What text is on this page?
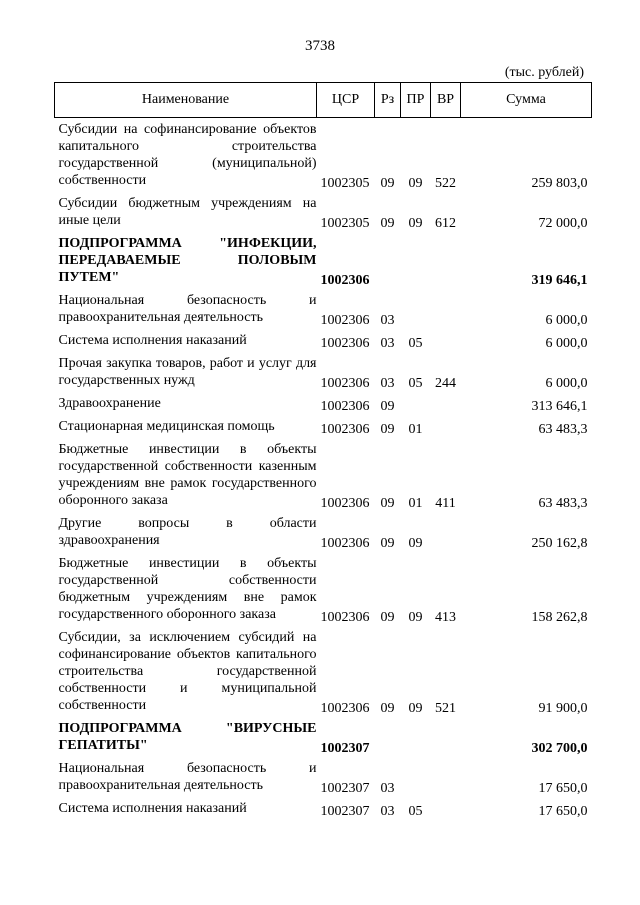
3738
(тыс. рублей)
Наименование	ЦСР	Рз	ПР	ВР	Сумма
Субсидии на софинансирование объектов капитального строительства государственной (муниципальной) собственности	1002305	09	09	522	259 803,0
Субсидии бюджетным учреждениям на иные цели	1002305	09	09	612	72 000,0
ПОДПРОГРАММА "ИНФЕКЦИИ, ПЕРЕДАВАЕМЫЕ ПОЛОВЫМ ПУТЕМ"	1002306				319 646,1
Национальная безопасность и правоохранительная деятельность	1002306	03			6 000,0
Система исполнения наказаний	1002306	03	05		6 000,0
Прочая закупка товаров, работ и услуг для государственных нужд	1002306	03	05	244	6 000,0
Здравоохранение	1002306	09			313 646,1
Стационарная медицинская помощь	1002306	09	01		63 483,3
Бюджетные инвестиции в объекты государственной собственности казенным учреждениям вне рамок государственного оборонного заказа	1002306	09	01	411	63 483,3
Другие вопросы в области здравоохранения	1002306	09	09		250 162,8
Бюджетные инвестиции в объекты государственной собственности бюджетным учреждениям вне рамок государственного оборонного заказа	1002306	09	09	413	158 262,8
Субсидии, за исключением субсидий на софинансирование объектов капитального строительства государственной собственности и муниципальной собственности	1002306	09	09	521	91 900,0
ПОДПРОГРАММА "ВИРУСНЫЕ ГЕПАТИТЫ"	1002307				302 700,0
Национальная безопасность и правоохранительная деятельность	1002307	03			17 650,0
Система исполнения наказаний	1002307	03	05		17 650,0
